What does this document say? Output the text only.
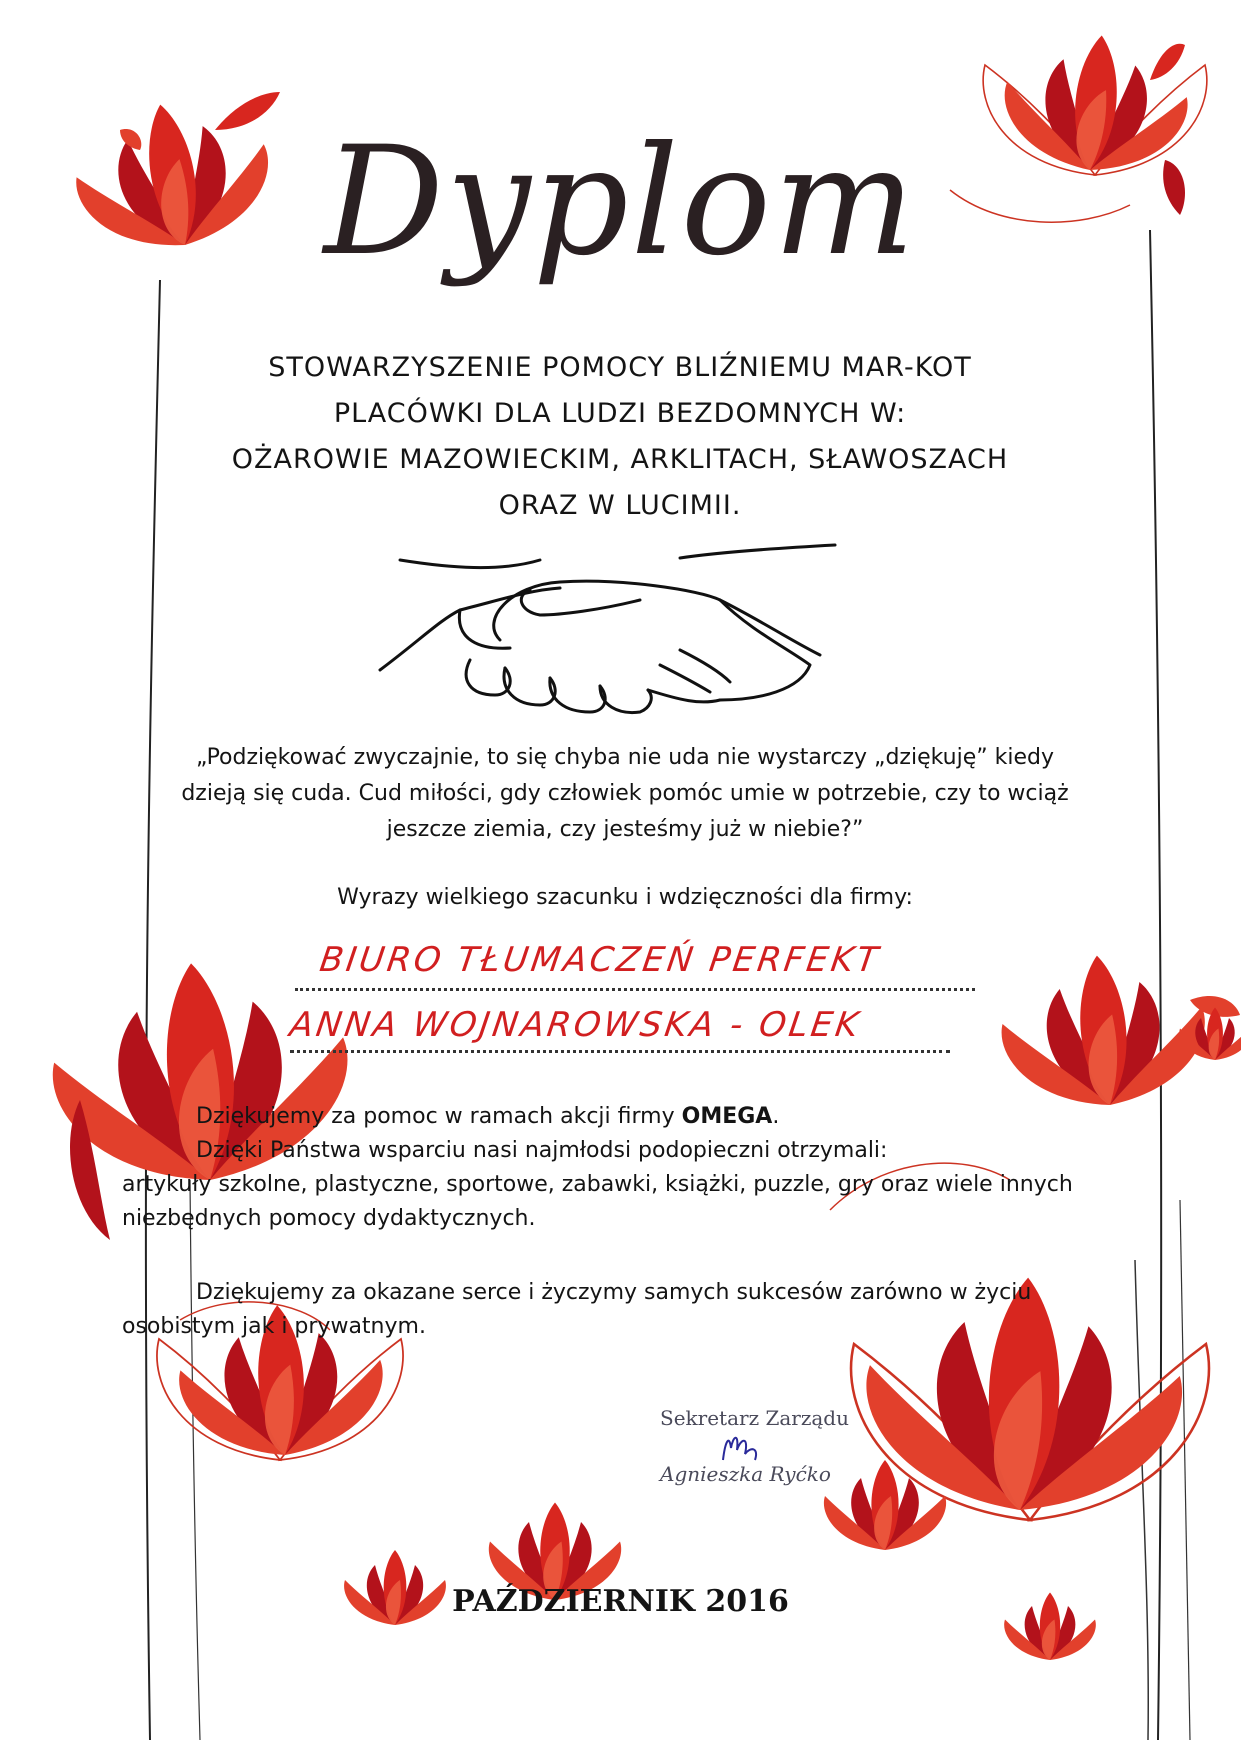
Dyplom
STOWARZYSZENIE POMOCY BLIŹNIEMU MAR-KOT
PLACÓWKI DLA LUDZI BEZDOMNYCH W:
OŻAROWIE MAZOWIECKIM, ARKLITACH, SŁAWOSZACH
ORAZ W LUCIMII.
„Podziękować zwyczajnie, to się chyba nie uda nie wystarczy „dziękuję” kiedy
dzieją się cuda. Cud miłości, gdy człowiek pomóc umie w potrzebie, czy to wciąż
jeszcze ziemia, czy jesteśmy już w niebie?”
Wyrazy wielkiego szacunku i wdzięczności dla firmy:
BIURO TŁUMACZEŃ PERFEKT
ANNA WOJNAROWSKA - OLEK
Dziękujemy za pomoc w ramach akcji firmy OMEGA.
Dzięki Państwa wsparciu nasi najmłodsi podopieczni otrzymali:
artykuły szkolne, plastyczne, sportowe, zabawki, książki, puzzle, gry oraz wiele innych
niezbędnych pomocy dydaktycznych.
Dziękujemy za okazane serce i życzymy samych sukcesów zarówno w życiu
osobistym jak i prywatnym.
Sekretarz Zarządu
Agnieszka Ryćko
PAŹDZIERNIK 2016
